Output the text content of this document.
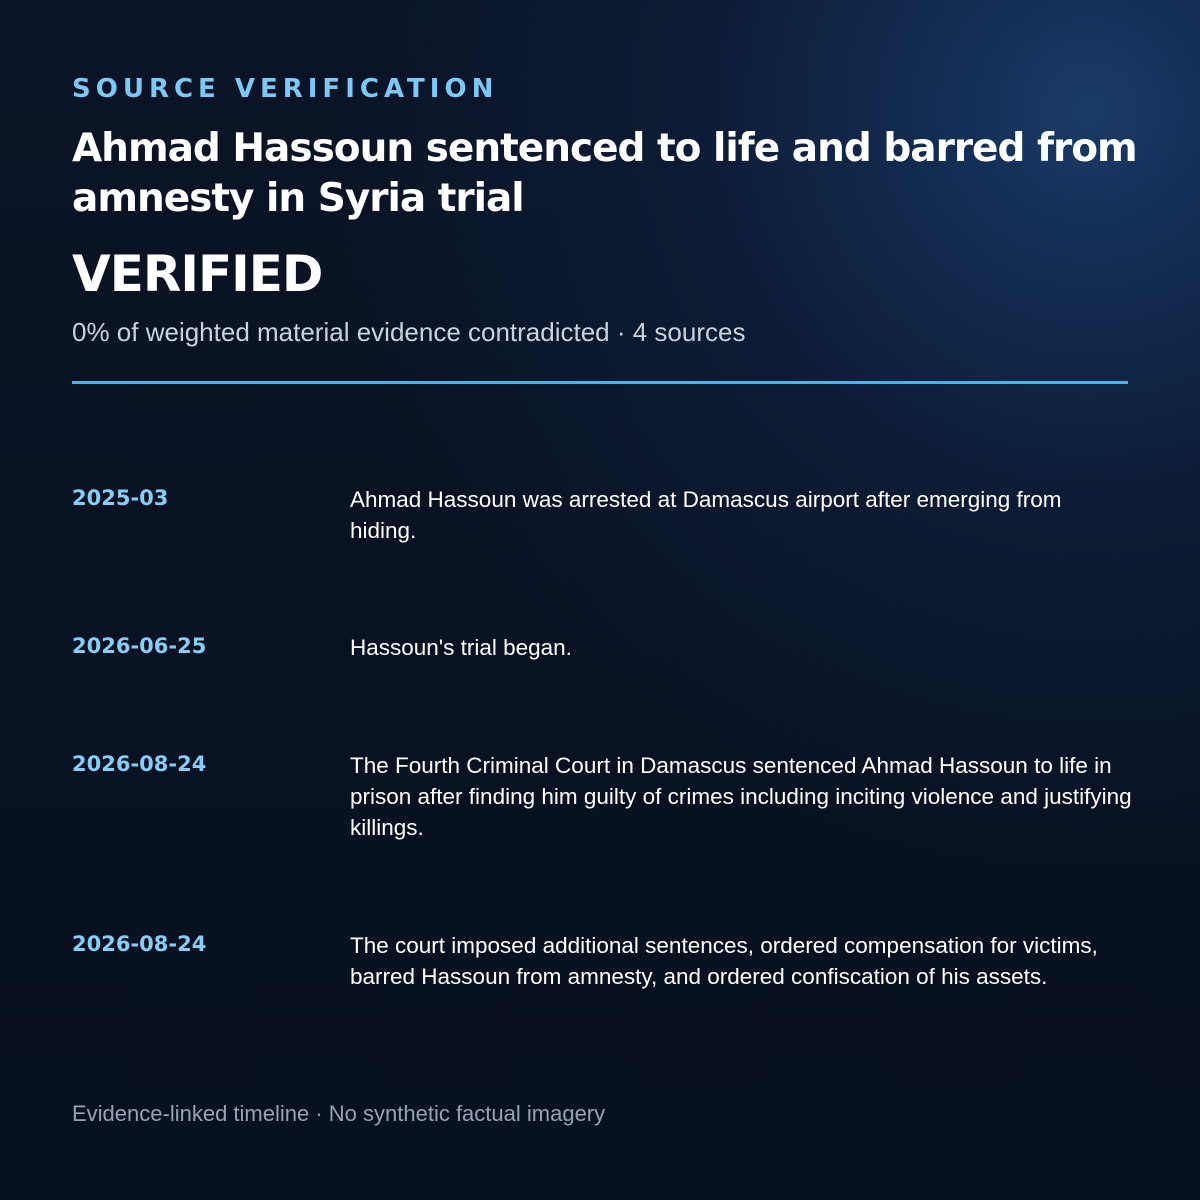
SOURCE VERIFICATION
Ahmad Hassoun sentenced to life and barred from amnesty in Syria trial
VERIFIED
0% of weighted material evidence contradicted · 4 sources
2025-03	Ahmad Hassoun was arrested at Damascus airport after emerging from hiding.
2026-06-25	Hassoun's trial began.
2026-08-24	The Fourth Criminal Court in Damascus sentenced Ahmad Hassoun to life in prison after finding him guilty of crimes including inciting violence and justifying killings.
2026-08-24	The court imposed additional sentences, ordered compensation for victims, barred Hassoun from amnesty, and ordered confiscation of his assets.
Evidence-linked timeline · No synthetic factual imagery
